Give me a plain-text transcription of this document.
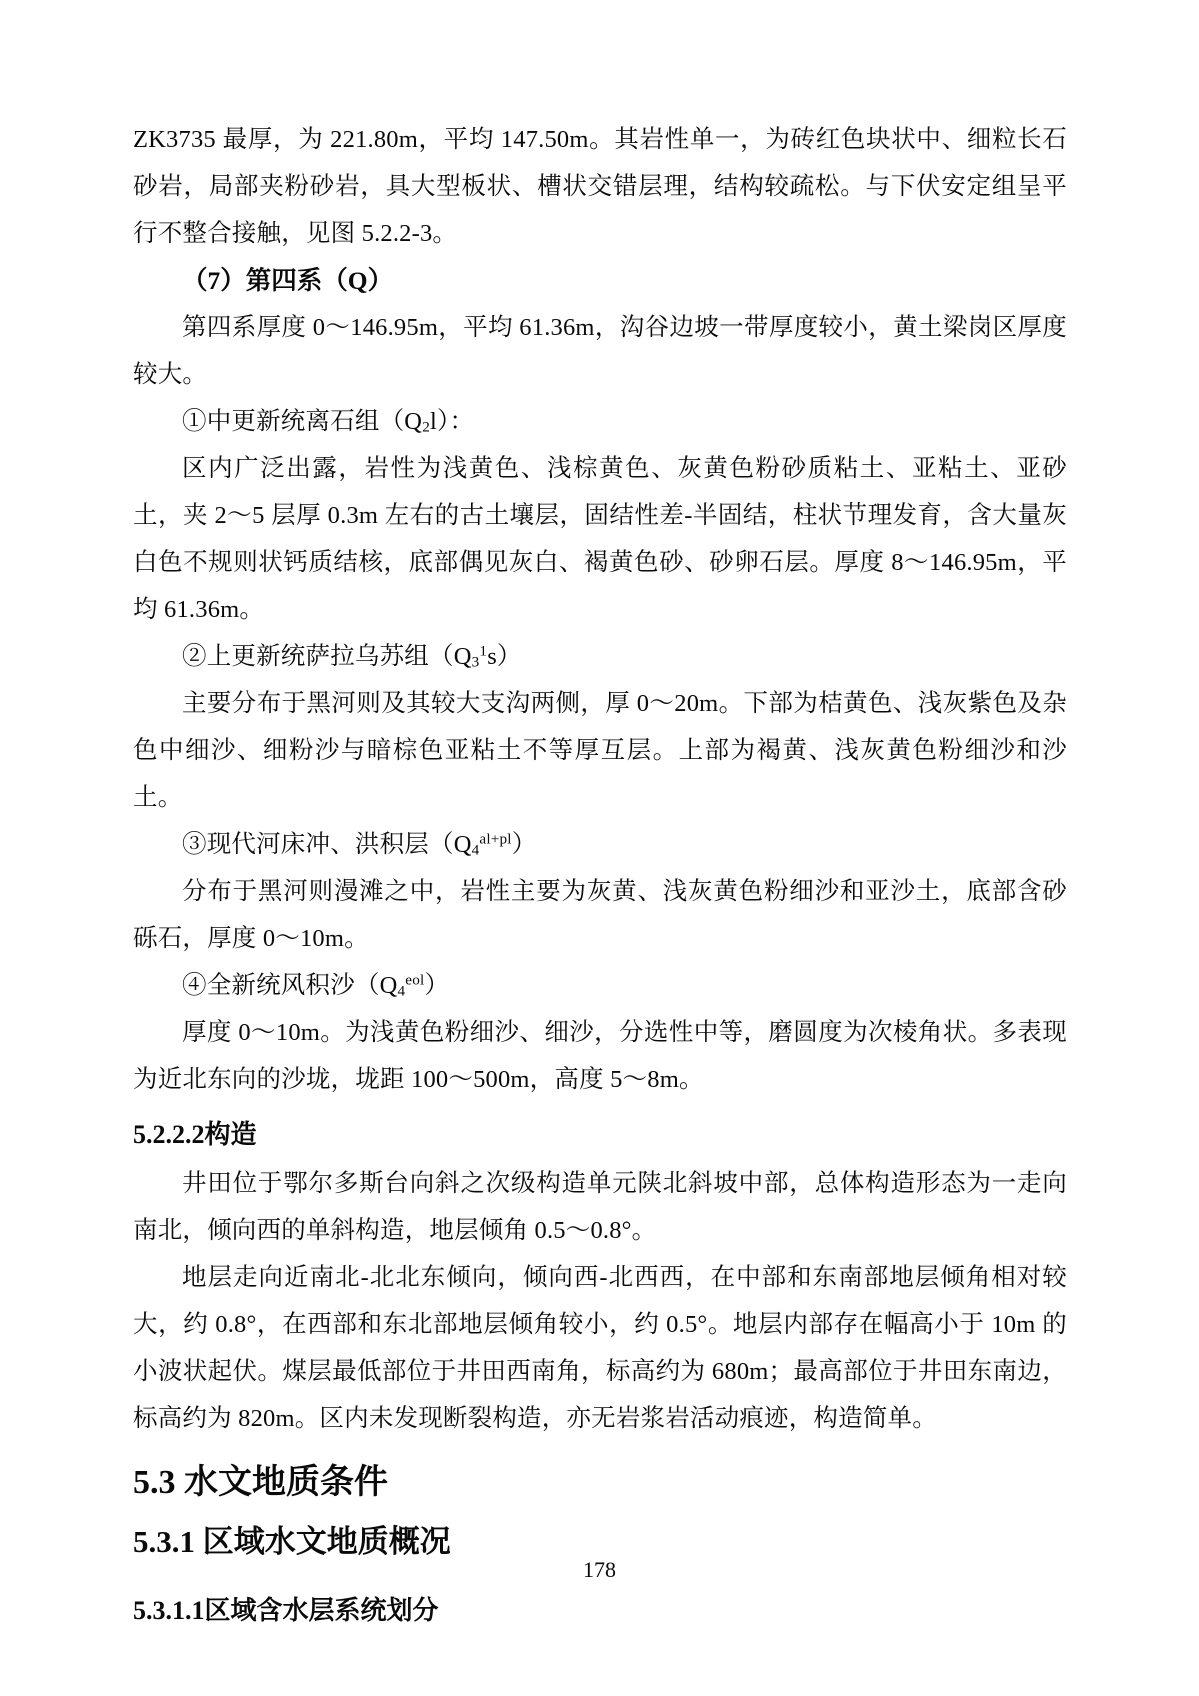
ZK3735 最厚，为 221.80m，平均 147.50m。其岩性单一，为砖红色块状中、细粒长石砂岩，局部夹粉砂岩，具大型板状、槽状交错层理，结构较疏松。与下伏安定组呈平行不整合接触，见图 5.2.2-3。

（7）第四系（Q）

第四系厚度 0～146.95m，平均 61.36m，沟谷边坡一带厚度较小，黄土梁岗区厚度较大。

①中更新统离石组$(Q_2l)$：

区内广泛出露，岩性为浅黄色、浅棕黄色、灰黄色粉砂质粘土、亚粘土、亚砂土，夹 2～5 层厚 0.3m 左右的古土壤层，固结性差-半固结，柱状节理发育，含大量灰白色不规则状钙质结核，底部偶见灰白、褐黄色砂、砂卵石层。厚度 8～146.95m，平均 61.36m。

②上更新统萨拉乌苏组$(Q_3^1s)$

主要分布于黑河则及其较大支沟两侧，厚 0～20m。下部为桔黄色、浅灰紫色及杂色中细沙、细粉沙与暗棕色亚粘土不等厚互层。上部为褐黄、浅灰黄色粉细沙和沙土。

③现代河床冲、洪积层$(Q_4^{al+pl})$

分布于黑河则漫滩之中，岩性主要为灰黄、浅灰黄色粉细沙和亚沙土，底部含砂砾石，厚度 0～10m。

④全新统风积沙$(Q_4^{eol})$

厚度 0～10m。为浅黄色粉细沙、细沙，分选性中等，磨圆度为次棱角状。多表现为近北东向的沙垅，垅距 100～500m，高度 5～8m。

5.2.2.2构造

井田位于鄂尔多斯台向斜之次级构造单元陕北斜坡中部，总体构造形态为一走向南北，倾向西的单斜构造，地层倾角 0.5～0.8°。

地层走向近南北-北北东倾向，倾向西-北西西，在中部和东南部地层倾角相对较大，约 0.8°，在西部和东北部地层倾角较小，约 0.5°。地层内部存在幅高小于 10m 的小波状起伏。煤层最低部位于井田西南角，标高约为 680m；最高部位于井田东南边，标高约为 820m。区内未发现断裂构造，亦无岩浆岩活动痕迹，构造简单。

5.3 水文地质条件

5.3.1 区域水文地质概况

5.3.1.1区域含水层系统划分

178
